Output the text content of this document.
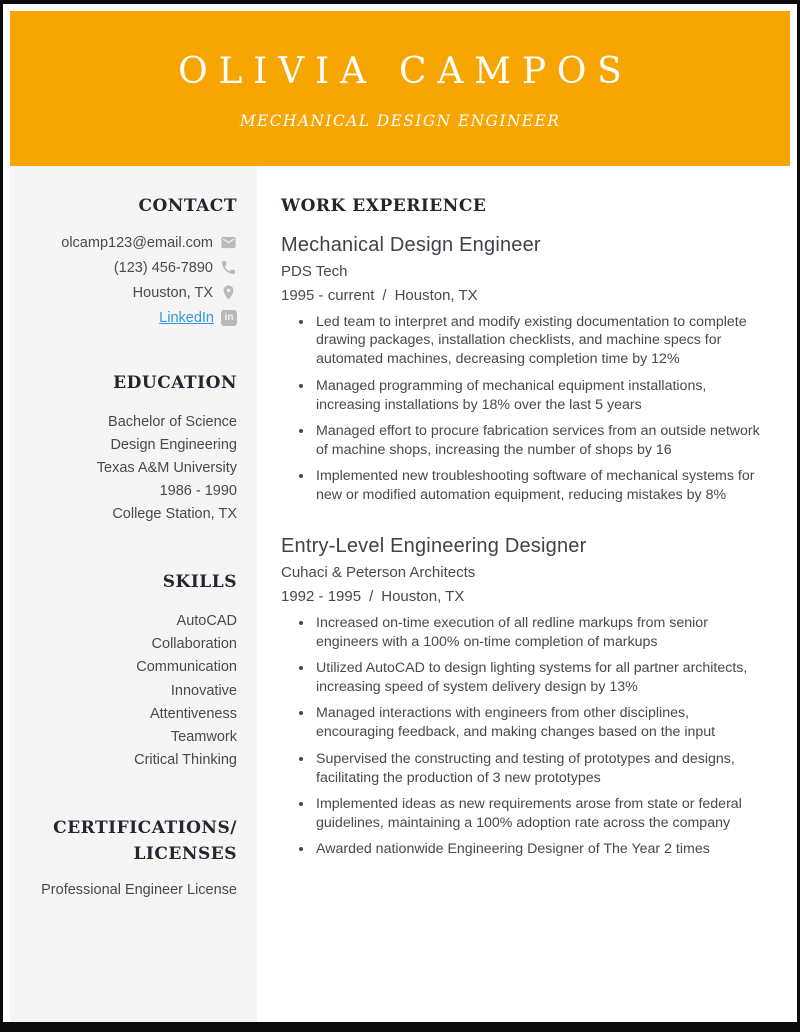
OLIVIA CAMPOS
MECHANICAL DESIGN ENGINEER
CONTACT
olcamp123@email.com
(123) 456-7890
Houston, TX
LinkedIn	in
EDUCATION
Bachelor of Science
Design Engineering
Texas A&M University
1986 - 1990
College Station, TX
SKILLS
AutoCAD
Collaboration
Communication
Innovative
Attentiveness
Teamwork
Critical Thinking
CERTIFICATIONS/
LICENSES
Professional Engineer License
WORK EXPERIENCE
Mechanical Design Engineer
PDS Tech
1995 - current / Houston, TX
• Led team to interpret and modify existing documentation to complete drawing packages, installation checklists, and machine specs for automated machines, decreasing completion time by 12%
• Managed programming of mechanical equipment installations, increasing installations by 18% over the last 5 years
• Managed effort to procure fabrication services from an outside network of machine shops, increasing the number of shops by 16
• Implemented new troubleshooting software of mechanical systems for new or modified automation equipment, reducing mistakes by 8%
Entry-Level Engineering Designer
Cuhaci & Peterson Architects
1992 - 1995 / Houston, TX
• Increased on-time execution of all redline markups from senior engineers with a 100% on-time completion of markups
• Utilized AutoCAD to design lighting systems for all partner architects, increasing speed of system delivery design by 13%
• Managed interactions with engineers from other disciplines, encouraging feedback, and making changes based on the input
• Supervised the constructing and testing of prototypes and designs, facilitating the production of 3 new prototypes
• Implemented ideas as new requirements arose from state or federal guidelines, maintaining a 100% adoption rate across the company
• Awarded nationwide Engineering Designer of The Year 2 times
